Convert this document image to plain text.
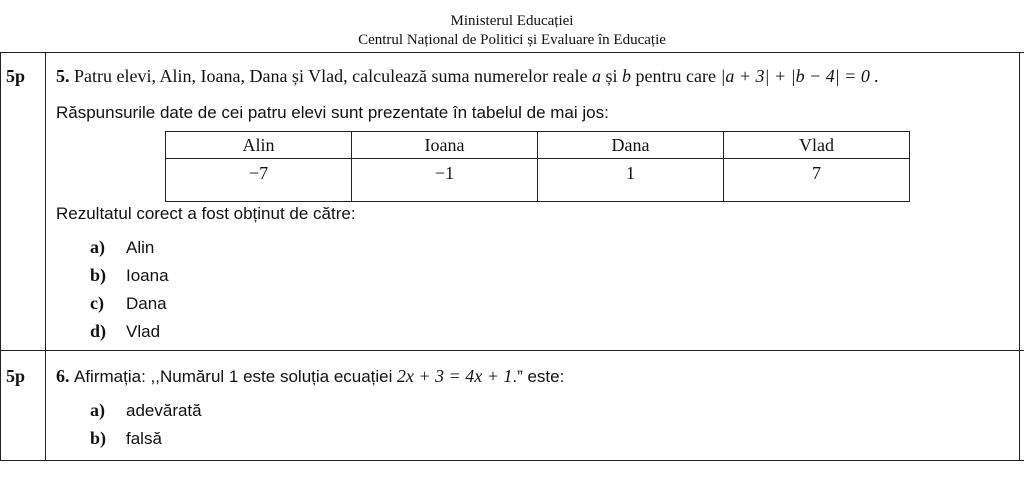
Ministerul Educației
Centrul Național de Politici și Evaluare în Educație
5p 5. Patru elevi, Alin, Ioana, Dana și Vlad, calculează suma numerelor reale a și b pentru care |a + 3| + |b − 4| = 0 .
Răspunsurile date de cei patru elevi sunt prezentate în tabelul de mai jos:
Alin	Ioana	Dana	Vlad
−7	−1	1	7
Rezultatul corect a fost obținut de către:
a) Alin
b) Ioana
c) Dana
d) Vlad
5p 6. Afirmația: ,,Numărul 1 este soluția ecuației 2x + 3 = 4x + 1.” este:
a) adevărată
b) falsă
